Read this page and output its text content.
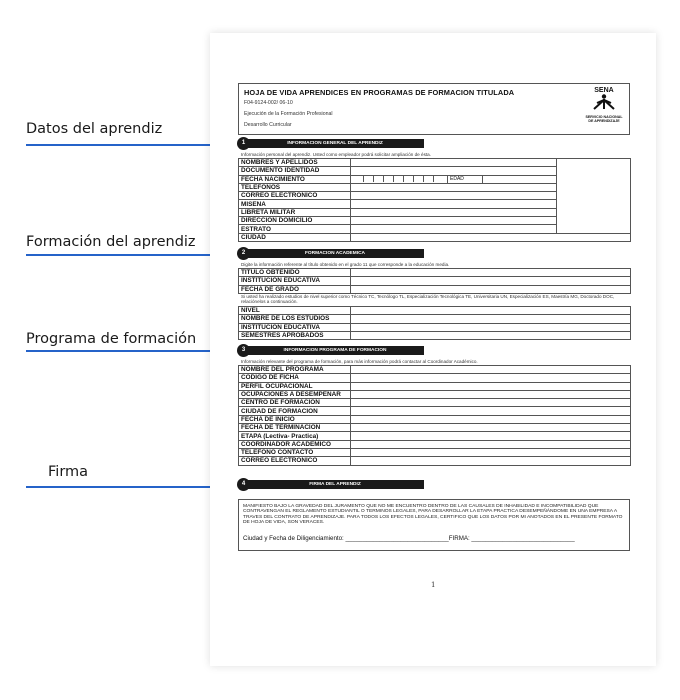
Datos del aprendiz
Formación del aprendiz
Programa de formación
Firma
HOJA DE VIDA APRENDICES EN PROGRAMAS DE FORMACION TITULADA
F04-9124-002/ 06-10
Ejecución de la Formación Profesional
Desarrollo Curricular
SENA
SERVICIO NACIONAL
DE APRENDIZAJE
INFORMACION GENERAL DEL APRENDIZ
1
Información personal del aprendiz. Usted como empleador podrá solicitar ampliación de ésta.
NOMBRES Y APELLIDOS		
DOCUMENTO IDENTIDAD		
FECHA NACIMIENTO	EDAD	

TELEFONOS		
CORREO ELECTRONICO		
MISENA		
LIBRETA MILITAR		
DIRECCION DOMICILIO		
ESTRATO		
CIUDAD		
FORMACION ACADEMICA
2
Digite la información referente al título obtenido en el grado 11 que corresponde a la educación media.
TITULO OBTENIDO	
INSTITUCIÓN EDUCATIVA	
FECHA DE GRADO	
Si usted ha realizado estudios de nivel superior como Técnico TC, Tecnólogo TL, Especialización Tecnológica TE, Universitaria UN, Especialización ES, Maestría MG, Doctorado DOC, relaciónelos a continuación.
NIVEL	
NOMBRE DE LOS ESTUDIOS	
INSTITUCIÓN EDUCATIVA	
SEMESTRES APROBADOS	
INFORMACION PROGRAMA DE FORMACION
3
Información relevante del programa de formación, para más información podrá contactar al Coordinador Académico.
NOMBRE DEL PROGRAMA	
CODIGO DE FICHA	
PERFIL OCUPACIONAL	
OCUPACIONES A DESEMPEÑAR	
CENTRO DE FORMACION	
CIUDAD DE FORMACION	
FECHA DE INICIO	
FECHA DE TERMINACION	
ETAPA (Lectiva- Practica)	
COORDINADOR ACADEMICO	
TELEFONO CONTACTO	
CORREO ELECTRONICO	
FIRMA DEL APRENDIZ
4
MANIFIESTO BAJO LA GRAVEDAD DEL JURAMENTO QUE NO ME ENCUENTRO DENTRO DE LAS CAUSALES DE INHABILIDAD E INCOMPATIBILIDAD QUE CONTRAVENGAN EL REGLAMENTO ESTUDIANTIL O TERMINOS LEGALES, PARA DESARROLLAR LA ETAPA PRACTICA DESEMPEÑÁNDOME EN UNA EMPRESA A TRAVES DEL CONTRATO DE APRENDIZAJE. PARA TODOS LOS EFECTOS LEGALES, CERTIFICO QUE LOS DATOS POR MI ANOTADOS EN EL PRESENTE FORMATO DE HOJA DE VIDA, SON VERACES.
Ciudad y Fecha de Diligenciamiento: ______________________________FIRMA: ______________________________
1
